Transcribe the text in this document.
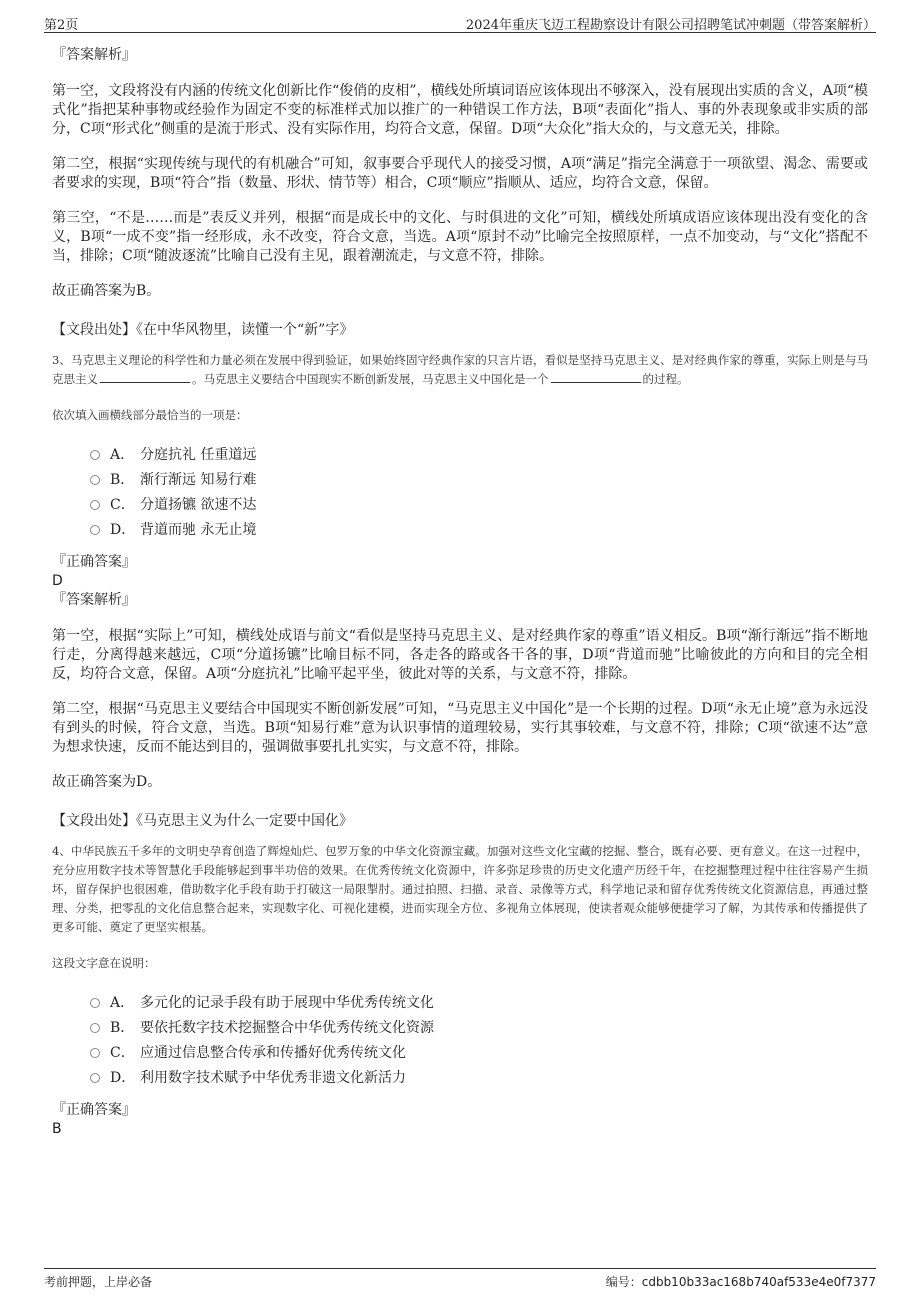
第2页	2024年重庆飞迈工程勘察设计有限公司招聘笔试冲刺题（带答案解析）
『答案解析』

第一空，文段将没有内涵的传统文化创新比作“俊俏的皮相”，横线处所填词语应该体现出不够深入，没有展现出实质的含义，A项“模式化”指把某种事物或经验作为固定不变的标准样式加以推广的一种错误工作方法，B项“表面化”指人、事的外表现象或非实质的部分，C项“形式化”侧重的是流于形式、没有实际作用，均符合文意，保留。D项“大众化”指大众的，与文意无关，排除。

第二空，根据“实现传统与现代的有机融合”可知，叙事要合乎现代人的接受习惯，A项“满足”指完全满意于一项欲望、渴念、需要或者要求的实现，B项“符合”指（数量、形状、情节等）相合，C项“顺应”指顺从、适应，均符合文意，保留。

第三空，“不是……而是”表反义并列，根据“而是成长中的文化、与时俱进的文化”可知，横线处所填成语应该体现出没有变化的含义，B项“一成不变”指一经形成，永不改变，符合文意，当选。A项“原封不动”比喻完全按照原样，一点不加变动，与“文化”搭配不当，排除；C项“随波逐流”比喻自己没有主见，跟着潮流走，与文意不符，排除。

故正确答案为B。

【文段出处】《在中华风物里，读懂一个“新”字》

3、马克思主义理论的科学性和力量必须在发展中得到验证，如果始终固守经典作家的只言片语，看似是坚持马克思主义、是对经典作家的尊重，实际上则是与马克思主义	。马克思主义要结合中国现实不断创新发展，马克思主义中国化是一个	的过程。

依次填入画横线部分最恰当的一项是：
A． 分庭抗礼 任重道远
B． 渐行渐远 知易行难
C． 分道扬镳 欲速不达
D． 背道而驰 永无止境
『正确答案』
D
『答案解析』

第一空，根据“实际上”可知，横线处成语与前文“看似是坚持马克思主义、是对经典作家的尊重”语义相反。B项“渐行渐远”指不断地行走，分离得越来越远，C项“分道扬镳”比喻目标不同，各走各的路或各干各的事，D项“背道而驰”比喻彼此的方向和目的完全相反，均符合文意，保留。A项“分庭抗礼”比喻平起平坐，彼此对等的关系，与文意不符，排除。

第二空，根据“马克思主义要结合中国现实不断创新发展”可知，“马克思主义中国化”是一个长期的过程。D项“永无止境”意为永远没有到头的时候，符合文意，当选。B项“知易行难”意为认识事情的道理较易，实行其事较难，与文意不符，排除；C项“欲速不达”意为想求快速，反而不能达到目的，强调做事要扎扎实实，与文意不符，排除。

故正确答案为D。

【文段出处】《马克思主义为什么一定要中国化》

4、中华民族五千多年的文明史孕育创造了辉煌灿烂、包罗万象的中华文化资源宝藏。加强对这些文化宝藏的挖掘、整合，既有必要、更有意义。在这一过程中，充分应用数字技术等智慧化手段能够起到事半功倍的效果。在优秀传统文化资源中，许多弥足珍贵的历史文化遗产历经千年，在挖掘整理过程中往往容易产生损坏，留存保护也很困难，借助数字化手段有助于打破这一局限掣肘。通过拍照、扫描、录音、录像等方式，科学地记录和留存优秀传统文化资源信息，再通过整理、分类，把零乱的文化信息整合起来，实现数字化、可视化建模，进而实现全方位、多视角立体展现，使读者观众能够便捷学习了解，为其传承和传播提供了更多可能、奠定了更坚实根基。

这段文字意在说明：
A． 多元化的记录手段有助于展现中华优秀传统文化
B． 要依托数字技术挖掘整合中华优秀传统文化资源
C． 应通过信息整合传承和传播好优秀传统文化
D． 利用数字技术赋予中华优秀非遗文化新活力
『正确答案』
B
考前押题，上岸必备	编号：cdbb10b33ac168b740af533e4e0f7377
